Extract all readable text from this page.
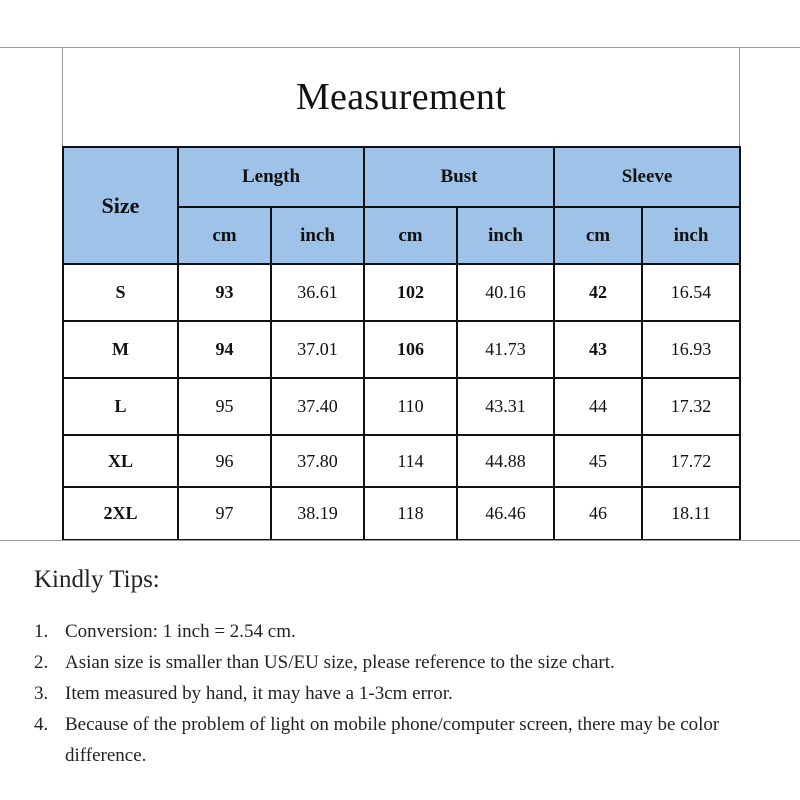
Measurement
Size	Length		Bust		Sleeve	
	cm	inch	cm	inch	cm	inch
S	93	36.61	102	40.16	42	16.54
M	94	37.01	106	41.73	43	16.93
L	95	37.40	110	43.31	44	17.32
XL	96	37.80	114	44.88	45	17.72
2XL	97	38.19	118	46.46	46	18.11
Kindly Tips:
1. Conversion: 1 inch = 2.54 cm.
2. Asian size is smaller than US/EU size, please reference to the size chart.
3. Item measured by hand, it may have a 1-3cm error.
4. Because of the problem of light on mobile phone/computer screen, there may be color difference.
